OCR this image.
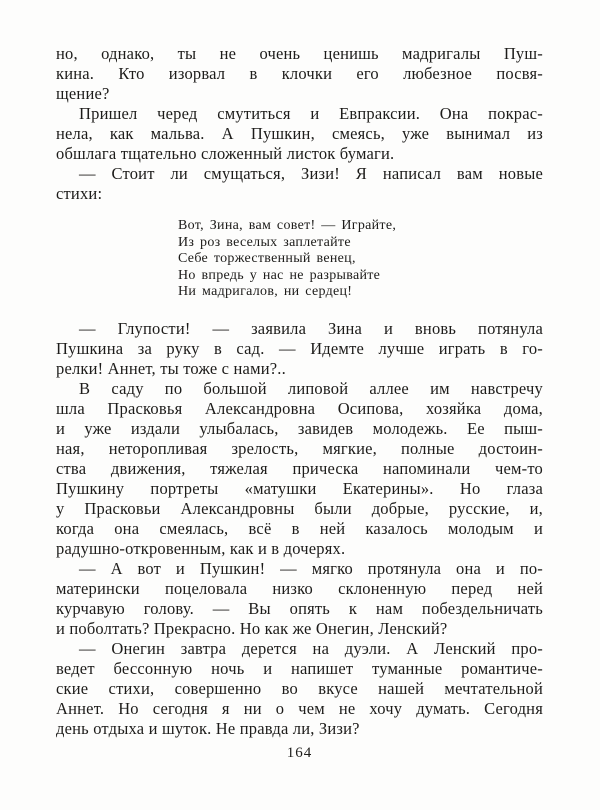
но, однако, ты не очень ценишь мадригалы Пуш-
кина. Кто изорвал в клочки его любезное посвя-
щение?
Пришел черед смутиться и Евпраксии. Она покрас-
нела, как мальва. А Пушкин, смеясь, уже вынимал из
обшлага тщательно сложенный листок бумаги.
— Стоит ли смущаться, Зизи! Я написал вам новые
стихи:
Вот, Зина, вам совет! — Играйте,
Из роз веселых заплетайте
Себе торжественный венец,
Но впредь у нас не разрывайте
Ни мадригалов, ни сердец!
— Глупости! — заявила Зина и вновь потянула
Пушкина за руку в сад. — Идемте лучше играть в го-
релки! Аннет, ты тоже с нами?..
В саду по большой липовой аллее им навстречу
шла Прасковья Александровна Осипова, хозяйка дома,
и уже издали улыбалась, завидев молодежь. Ее пыш-
ная, неторопливая зрелость, мягкие, полные достоин-
ства движения, тяжелая прическа напоминали чем-то
Пушкину портреты «матушки Екатерины». Но глаза
у Прасковьи Александровны были добрые, русские, и,
когда она смеялась, всё в ней казалось молодым и
радушно-откровенным, как и в дочерях.
— А вот и Пушкин! — мягко протянула она и по-
матерински поцеловала низко склоненную перед ней
курчавую голову. — Вы опять к нам побездельничать
и поболтать? Прекрасно. Но как же Онегин, Ленский?
— Онегин завтра дерется на дуэли. А Ленский про-
ведет бессонную ночь и напишет туманные романтиче-
ские стихи, совершенно во вкусе нашей мечтательной
Аннет. Но сегодня я ни о чем не хочу думать. Сегодня
день отдыха и шуток. Не правда ли, Зизи?
164
